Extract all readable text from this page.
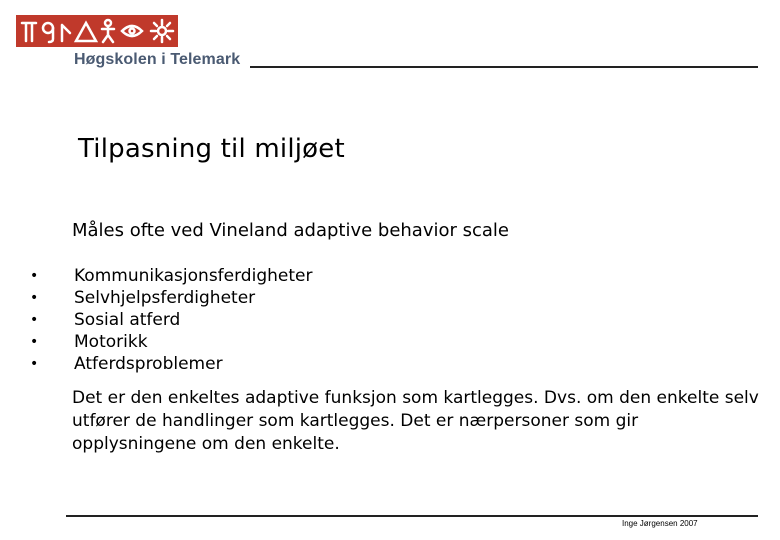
Høgskolen i Telemark
Tilpasning til miljøet
Måles ofte ved Vineland adaptive behavior scale
• Kommunikasjonsferdigheter
• Selvhjelpsferdigheter
• Sosial atferd
• Motorikk
• Atferdsproblemer

Det er den enkeltes adaptive funksjon som kartlegges. Dvs. om den enkelte selv utfører de handlinger som kartlegges. Det er nærpersoner som gir opplysningene om den enkelte.

Inge Jørgensen 2007
